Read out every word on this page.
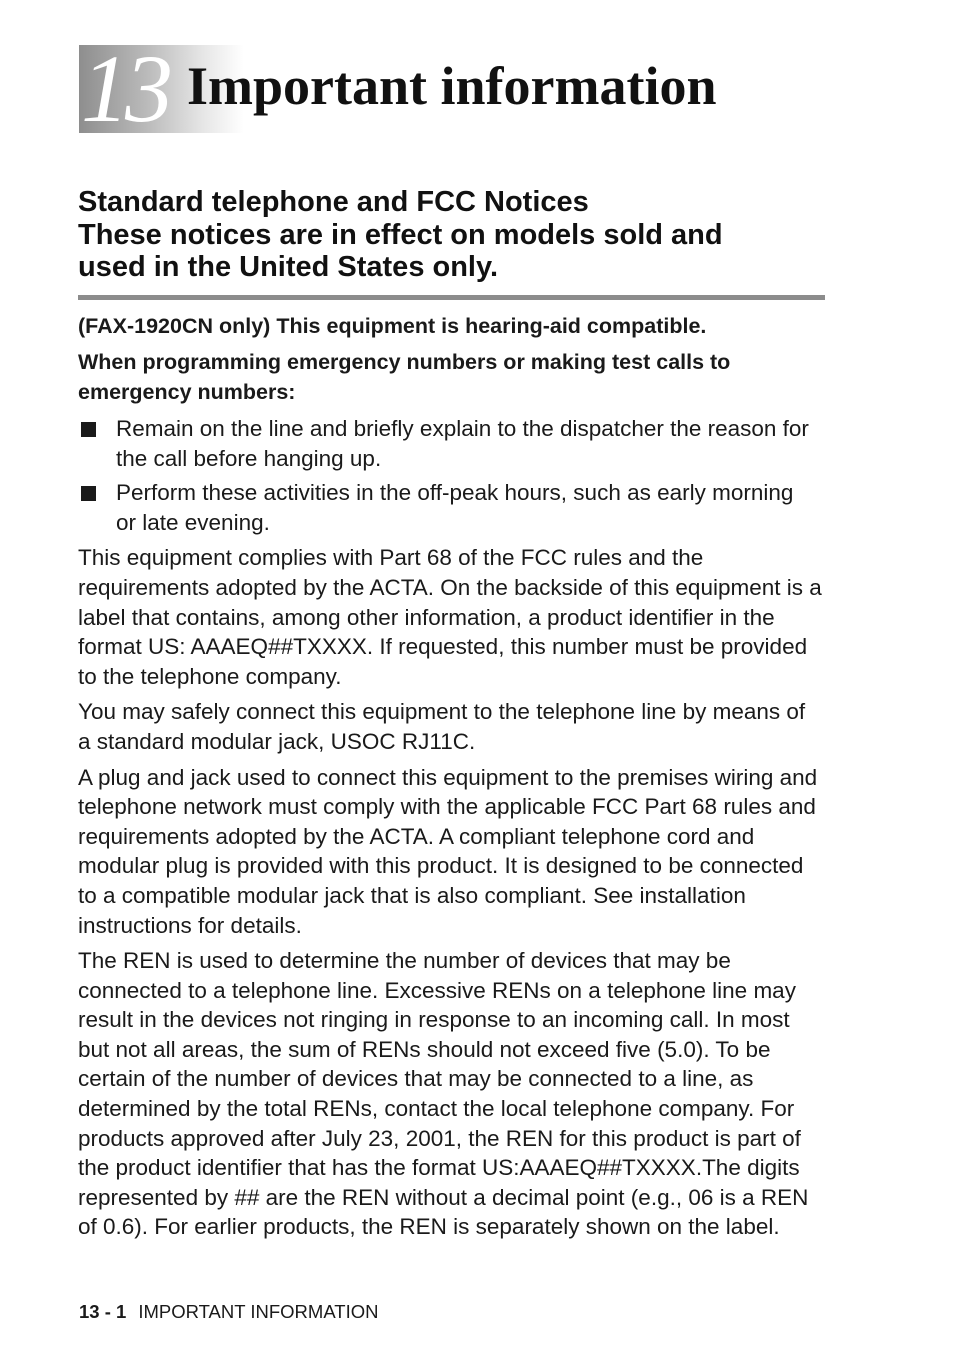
13 Important information
Standard telephone and FCC Notices
These notices are in effect on models sold and
used in the United States only.

(FAX-1920CN only) This equipment is hearing-aid compatible.

When programming emergency numbers or making test calls to emergency numbers:

Remain on the line and briefly explain to the dispatcher the reason for the call before hanging up.
Perform these activities in the off-peak hours, such as early morning or late evening.

This equipment complies with Part 68 of the FCC rules and the requirements adopted by the ACTA. On the backside of this equipment is a label that contains, among other information, a product identifier in the format US: AAAEQ##TXXXX. If requested, this number must be provided to the telephone company.

You may safely connect this equipment to the telephone line by means of a standard modular jack, USOC RJ11C.

A plug and jack used to connect this equipment to the premises wiring and telephone network must comply with the applicable FCC Part 68 rules and requirements adopted by the ACTA. A compliant telephone cord and modular plug is provided with this product. It is designed to be connected to a compatible modular jack that is also compliant. See installation instructions for details.

The REN is used to determine the number of devices that may be connected to a telephone line. Excessive RENs on a telephone line may result in the devices not ringing in response to an incoming call. In most but not all areas, the sum of RENs should not exceed five (5.0). To be certain of the number of devices that may be connected to a line, as determined by the total RENs, contact the local telephone company. For products approved after July 23, 2001, the REN for this product is part of the product identifier that has the format US:AAAEQ##TXXXX.The digits represented by ## are the REN without a decimal point (e.g., 06 is a REN of 0.6). For earlier products, the REN is separately shown on the label.

13 - 1 IMPORTANT INFORMATION
